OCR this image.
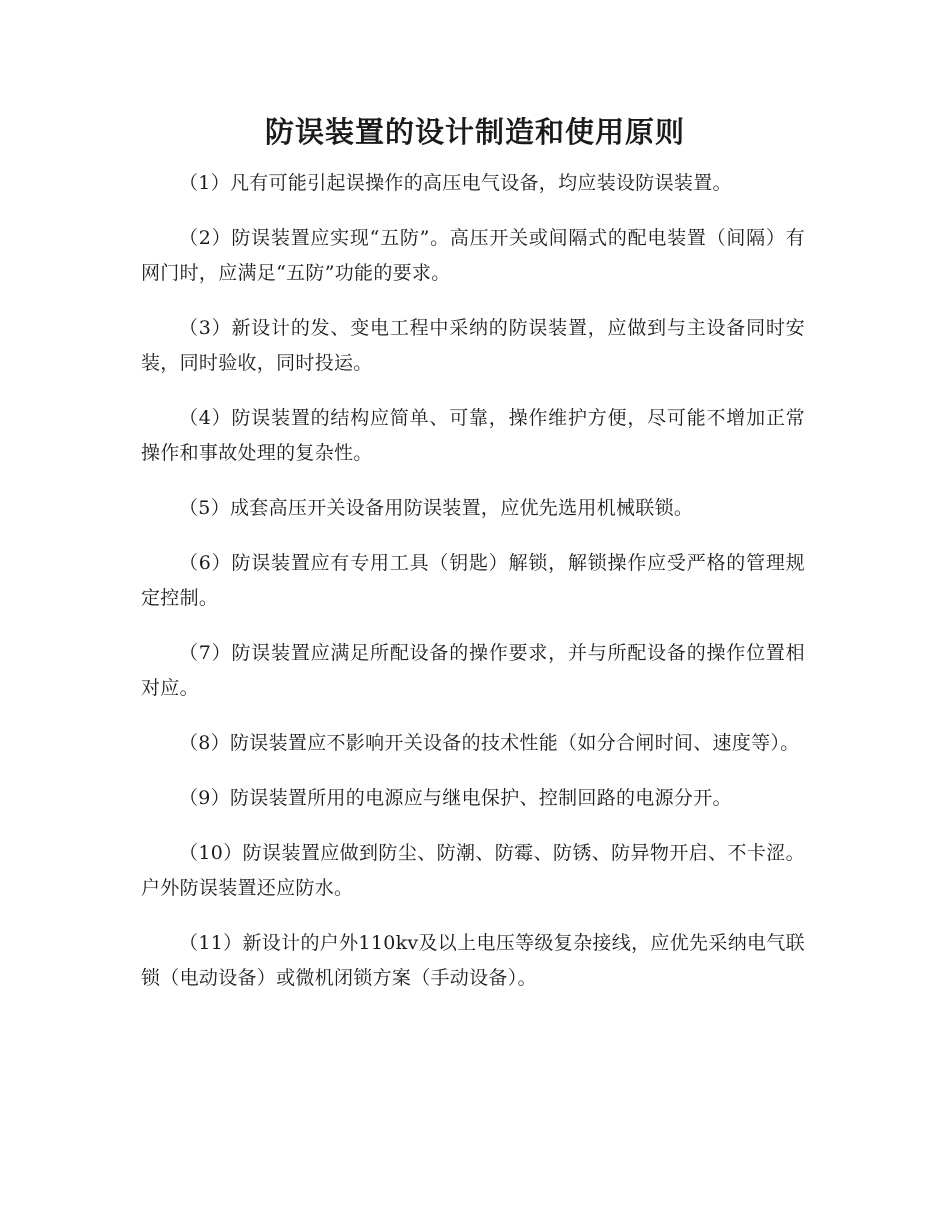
防误装置的设计制造和使用原则

（1）凡有可能引起误操作的高压电气设备，均应装设防误装置。

（2）防误装置应实现“五防”。高压开关或间隔式的配电装置（间隔）有网门时，应满足“五防”功能的要求。

（3）新设计的发、变电工程中采纳的防误装置，应做到与主设备同时安装，同时验收，同时投运。

（4）防误装置的结构应简单、可靠，操作维护方便，尽可能不增加正常操作和事故处理的复杂性。

（5）成套高压开关设备用防误装置，应优先选用机械联锁。

（6）防误装置应有专用工具（钥匙）解锁，解锁操作应受严格的管理规定控制。

（7）防误装置应满足所配设备的操作要求，并与所配设备的操作位置相对应。

（8）防误装置应不影响开关设备的技术性能（如分合闸时间、速度等）。

（9）防误装置所用的电源应与继电保护、控制回路的电源分开。

（10）防误装置应做到防尘、防潮、防霉、防锈、防异物开启、不卡涩。户外防误装置还应防水。

（11）新设计的户外110kv及以上电压等级复杂接线，应优先采纳电气联锁（电动设备）或微机闭锁方案（手动设备）。
